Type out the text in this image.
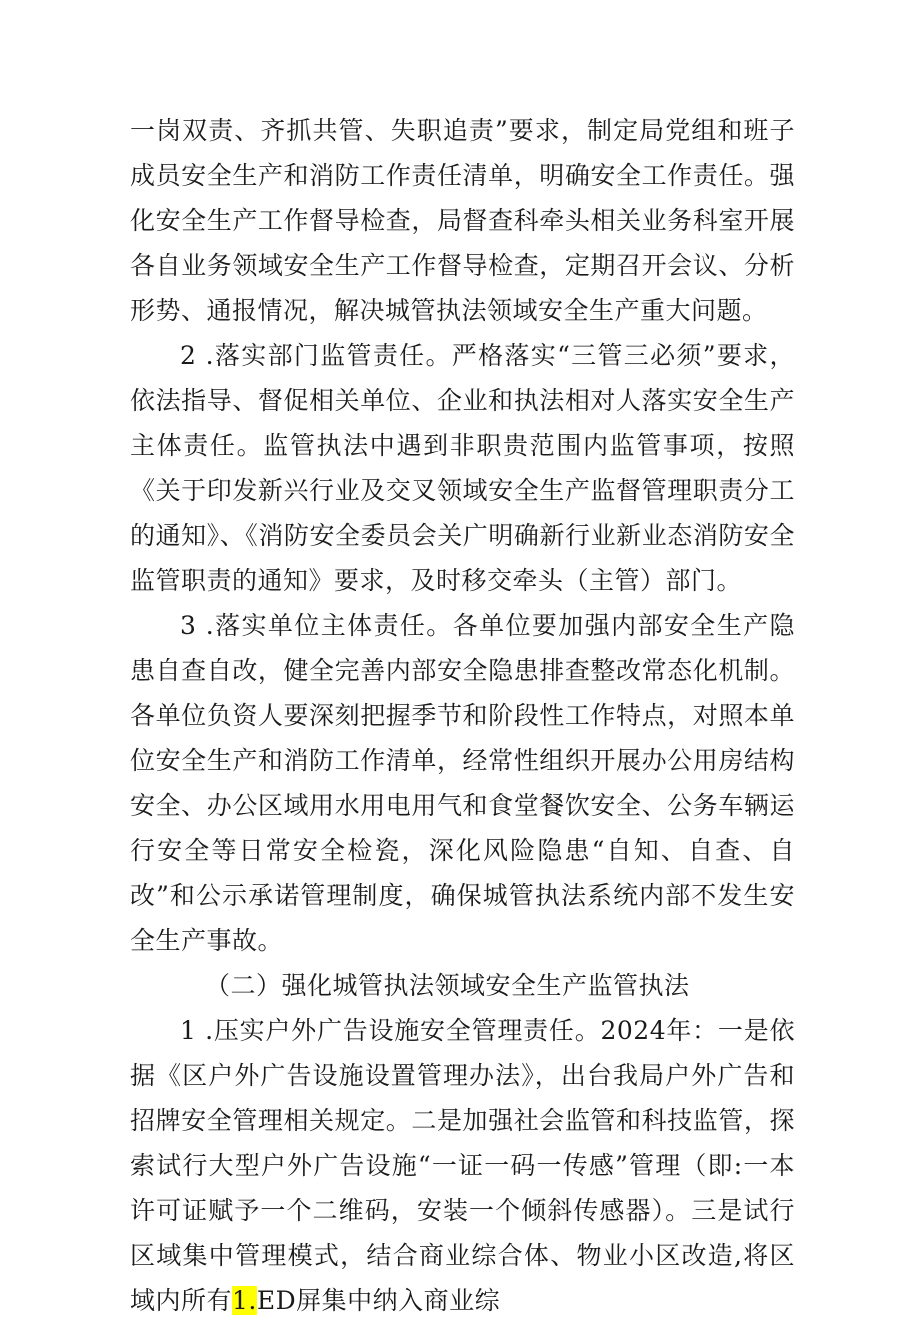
一岗双责、齐抓共管、失职追责”要求，制定局党组和班子成员安全生产和消防工作责任清单，明确安全工作责任。强化安全生产工作督导检查，局督查科牵头相关业务科室开展各自业务领域安全生产工作督导检查，定期召开会议、分析形势、通报情况，解决城管执法领域安全生产重大问题。

2 .落实部门监管责任。严格落实“三管三必须”要求，依法指导、督促相关单位、企业和执法相对人落实安全生产主体责任。监管执法中遇到非职贵范围内监管事项，按照《关于印发新兴行业及交叉领域安全生产监督管理职责分工的通知》、《消防安全委员会关广明确新行业新业态消防安全监管职责的通知》要求，及时移交牵头（主管）部门。

3 .落实单位主体责任。各单位要加强内部安全生产隐患自查自改，健全完善内部安全隐患排查整改常态化机制。各单位负资人要深刻把握季节和阶段性工作特点，对照本单位安全生产和消防工作清单，经常性组织开展办公用房结构安全、办公区域用水用电用气和食堂餐饮安全、公务车辆运行安全等日常安全检瓷，深化风险隐患“自知、自查、自改”和公示承诺管理制度，确保城管执法系统内部不发生安全生产事故。

（二）强化城管执法领域安全生产监管执法

1 .压实户外广告设施安全管理责任。2024年：一是依据《区户外广告设施设置管理办法》，出台我局户外广告和招牌安全管理相关规定。二是加强社会监管和科技监管，探索试行大型户外广告设施“一证一码一传感”管理（即:一本许可证赋予一个二维码，安装一个倾斜传感器）。三是试行区域集中管理模式，结合商业综合体、物业小区改造,将区域内所有1.ED屏集中纳入商业综
